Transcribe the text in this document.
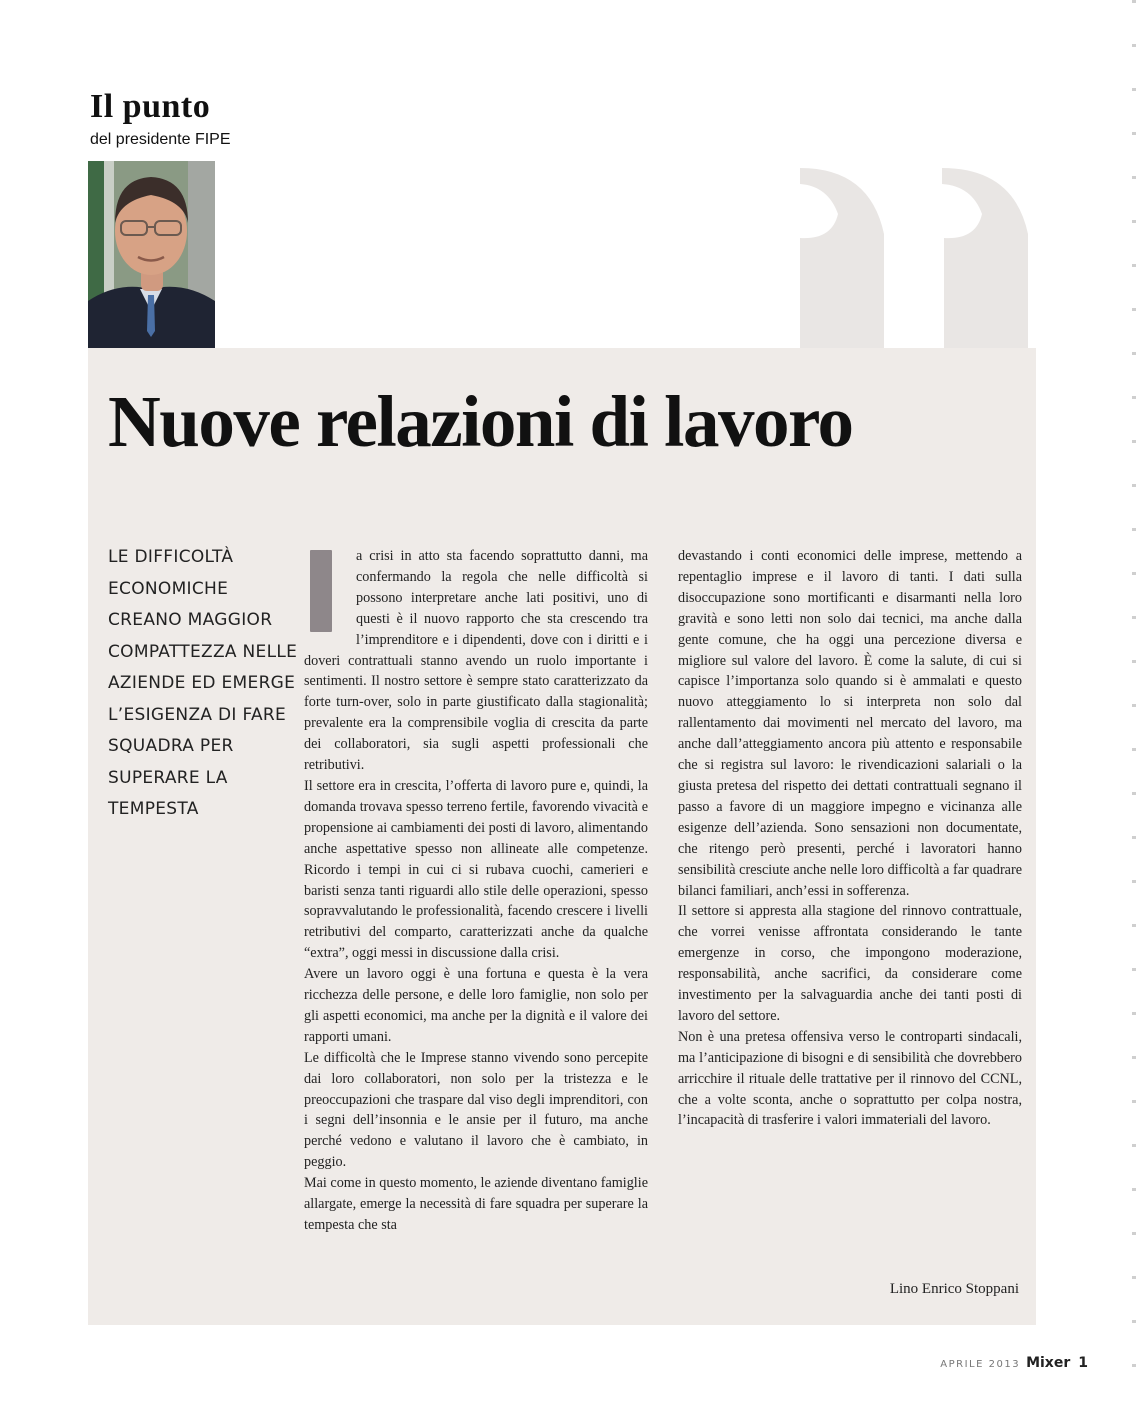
Il punto

del presidente FIPE

Nuove relazioni di lavoro

LE DIFFICOLTÀ ECONOMICHE CREANO MAGGIOR COMPATTEZZA NELLE AZIENDE ED EMERGE L’ESIGENZA DI FARE SQUADRA PER SUPERARE LA TEMPESTA

a crisi in atto sta facendo soprattutto danni, ma confermando la regola che nelle difficoltà si possono interpretare anche lati positivi, uno di questi è il nuovo rapporto che sta crescendo tra l’imprenditore e i dipendenti, dove con i diritti e i doveri contrattuali stanno avendo un ruolo importante i sentimenti. Il nostro settore è sempre stato caratterizzato da forte turn-over, solo in parte giustificato dalla stagionalità; prevalente era la comprensibile voglia di crescita da parte dei collaboratori, sia sugli aspetti professionali che retributivi.

Il settore era in crescita, l’offerta di lavoro pure e, quindi, la domanda trovava spesso terreno fertile, favorendo vivacità e propensione ai cambiamenti dei posti di lavoro, alimentando anche aspettative spesso non allineate alle competenze. Ricordo i tempi in cui ci si rubava cuochi, camerieri e baristi senza tanti riguardi allo stile delle operazioni, spesso sopravvalutando le professionalità, facendo crescere i livelli retributivi del comparto, caratterizzati anche da qualche “extra”, oggi messi in discussione dalla crisi.

Avere un lavoro oggi è una fortuna e questa è la vera ricchezza delle persone, e delle loro famiglie, non solo per gli aspetti economici, ma anche per la dignità e il valore dei rapporti umani.

Le difficoltà che le Imprese stanno vivendo sono percepite dai loro collaboratori, non solo per la tristezza e le preoccupazioni che traspare dal viso degli imprenditori, con i segni dell’insonnia e le ansie per il futuro, ma anche perché vedono e valutano il lavoro che è cambiato, in peggio.

Mai come in questo momento, le aziende diventano famiglie allargate, emerge la necessità di fare squadra per superare la tempesta che sta

devastando i conti economici delle imprese, mettendo a repentaglio imprese e il lavoro di tanti. I dati sulla disoccupazione sono mortificanti e disarmanti nella loro gravità e sono letti non solo dai tecnici, ma anche dalla gente comune, che ha oggi una percezione diversa e migliore sul valore del lavoro. È come la salute, di cui si capisce l’importanza solo quando si è ammalati e questo nuovo atteggiamento lo si interpreta non solo dal rallentamento dai movimenti nel mercato del lavoro, ma anche dall’atteggiamento ancora più attento e responsabile che si registra sul lavoro: le rivendicazioni salariali o la giusta pretesa del rispetto dei dettati contrattuali segnano il passo a favore di un maggiore impegno e vicinanza alle esigenze dell’azienda. Sono sensazioni non documentate, che ritengo però presenti, perché i lavoratori hanno sensibilità cresciute anche nelle loro difficoltà a far quadrare bilanci familiari, anch’essi in sofferenza.

Il settore si appresta alla stagione del rinnovo contrattuale, che vorrei venisse affrontata considerando le tante emergenze in corso, che impongono moderazione, responsabilità, anche sacrifici, da considerare come investimento per la salvaguardia anche dei tanti posti di lavoro del settore.

Non è una pretesa offensiva verso le controparti sindacali, ma l’anticipazione di bisogni e di sensibilità che dovrebbero arricchire il rituale delle trattative per il rinnovo del CCNL, che a volte sconta, anche o soprattutto per colpa nostra, l’incapacità di trasferire i valori immateriali del lavoro.

Lino Enrico Stoppani

APRILE 2013 Mixer 1
